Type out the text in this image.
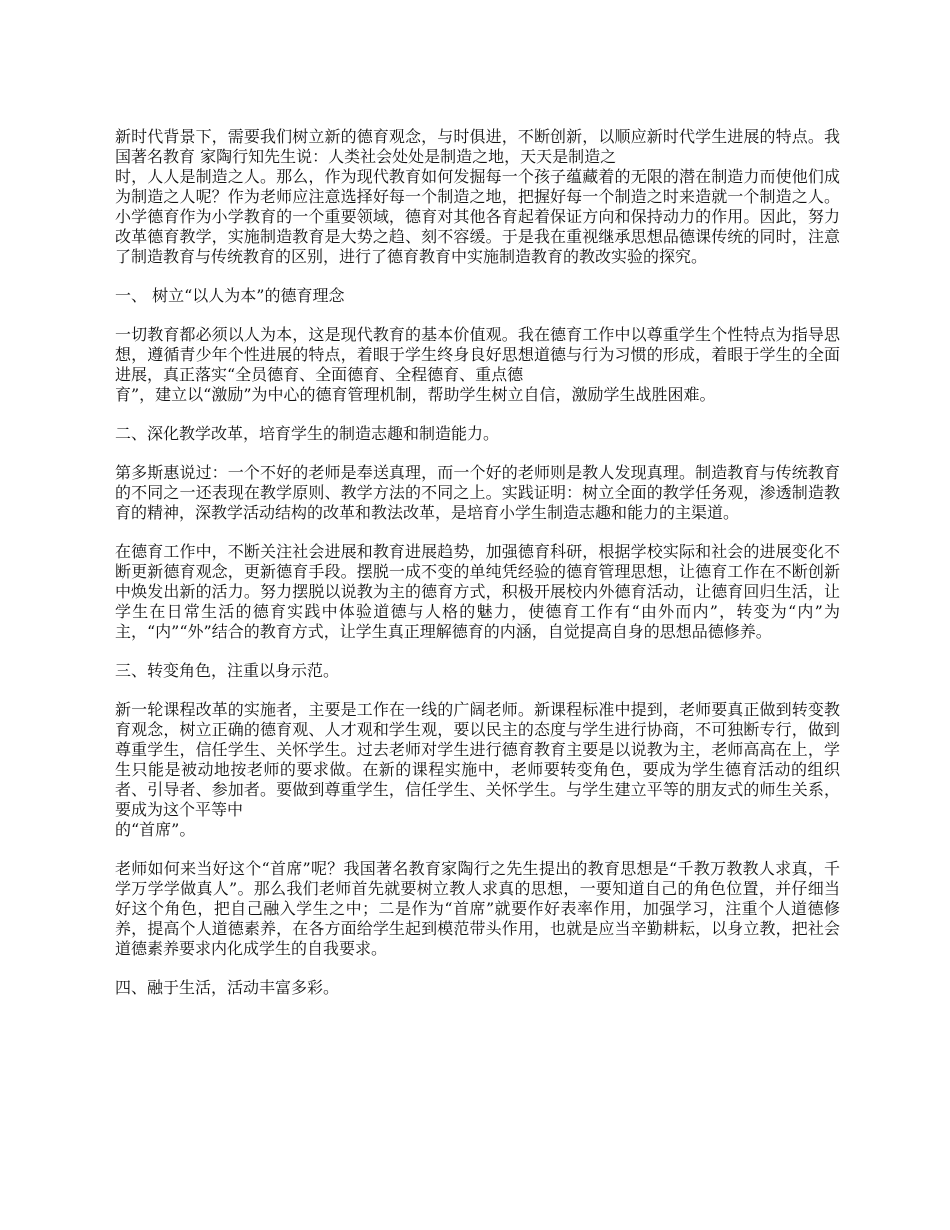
新时代背景下，需要我们树立新的德育观念，与时俱进，不断创新，以顺应新时代学生进展的特点。我国著名教育 家陶行知先生说：人类社会处处是制造之地，天天是制造之
时，人人是制造之人。那么，作为现代教育如何发掘每一个孩子蕴藏着的无限的潜在制造力而使他们成为制造之人呢？作为老师应注意选择好每一个制造之地，把握好每一个制造之时来造就一个制造之人。小学德育作为小学教育的一个重要领域，德育对其他各育起着保证方向和保持动力的作用。因此，努力改革德育教学，实施制造教育是大势之趋、刻不容缓。于是我在重视继承思想品德课传统的同时，注意了制造教育与传统教育的区别，进行了德育教育中实施制造教育的教改实验的探究。

一、 树立“以人为本”的德育理念

一切教育都必须以人为本，这是现代教育的基本价值观。我在德育工作中以尊重学生个性特点为指导思想，遵循青少年个性进展的特点，着眼于学生终身良好思想道德与行为习惯的形成，着眼于学生的全面进展，真正落实“全员德育、全面德育、全程德育、重点德
育”，建立以“激励”为中心的德育管理机制，帮助学生树立自信，激励学生战胜困难。

二、深化教学改革，培育学生的制造志趣和制造能力。

第多斯惠说过：一个不好的老师是奉送真理，而一个好的老师则是教人发现真理。制造教育与传统教育的不同之一还表现在教学原则、教学方法的不同之上。实践证明：树立全面的教学任务观，渗透制造教育的精神，深教学活动结构的改革和教法改革，是培育小学生制造志趣和能力的主渠道。

在德育工作中，不断关注社会进展和教育进展趋势，加强德育科研，根据学校实际和社会的进展变化不断更新德育观念，更新德育手段。摆脱一成不变的单纯凭经验的德育管理思想，让德育工作在不断创新中焕发出新的活力。努力摆脱以说教为主的德育方式，积极开展校内外德育活动，让德育回归生活，让学生在日常生活的德育实践中体验道德与人格的魅力，使德育工作有“由外而内”，转变为“内”为主，“内”“外”结合的教育方式，让学生真正理解德育的内涵，自觉提高自身的思想品德修养。

三、转变角色，注重以身示范。

新一轮课程改革的实施者，主要是工作在一线的广阔老师。新课程标准中提到，老师要真正做到转变教育观念，树立正确的德育观、人才观和学生观，要以民主的态度与学生进行协商，不可独断专行，做到尊重学生，信任学生、关怀学生。过去老师对学生进行德育教育主要是以说教为主，老师高高在上，学生只能是被动地按老师的要求做。在新的课程实施中，老师要转变角色，要成为学生德育活动的组织者、引导者、参加者。要做到尊重学生，信任学生、关怀学生。与学生建立平等的朋友式的师生关系，要成为这个平等中
的“首席”。

老师如何来当好这个“首席”呢？我国著名教育家陶行之先生提出的教育思想是“千教万教教人求真，千学万学学做真人”。那么我们老师首先就要树立教人求真的思想，一要知道自己的角色位置，并仔细当好这个角色，把自己融入学生之中；二是作为“首席”就要作好表率作用，加强学习，注重个人道德修养，提高个人道德素养，在各方面给学生起到模范带头作用，也就是应当辛勤耕耘，以身立教，把社会道德素养要求内化成学生的自我要求。

四、融于生活，活动丰富多彩。
